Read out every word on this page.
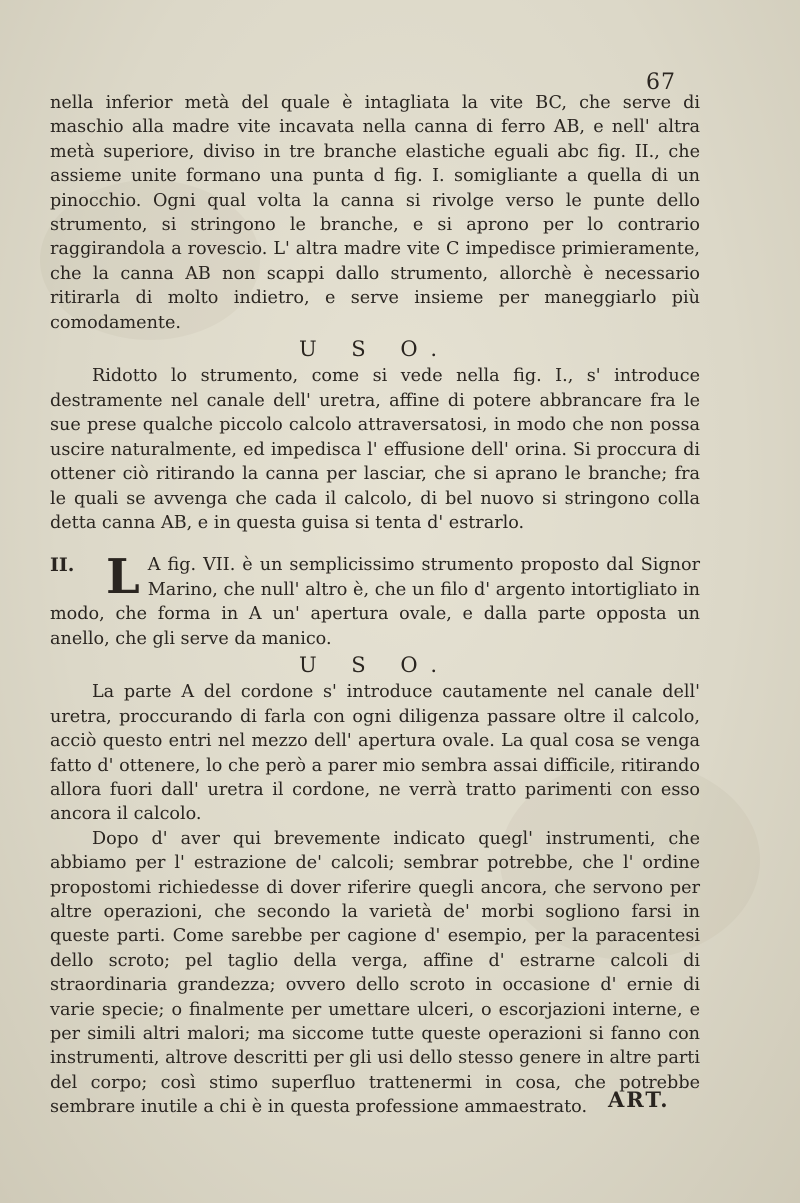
67

nella inferior metà del quale è intagliata la vite BC, che serve di maschio alla madre vite incavata nella canna di ferro AB, e nell' altra metà superiore, diviso in tre branche elastiche eguali abc fig. II., che assieme unite formano una punta d fig. I. somigliante a quella di un pinocchio. Ogni qual volta la canna si rivolge verso le punte dello strumento, si stringono le branche, e si aprono per lo contrario raggirandola a rovescio. L' altra madre vite C impedisce primieramente, che la canna AB non scappi dallo strumento, allorchè è necessario ritirarla di molto indietro, e serve insieme per maneggiarlo più comodamente.

U S O.

Ridotto lo strumento, come si vede nella fig. I., s' introduce destramente nel canale dell' uretra, affine di potere abbrancare fra le sue prese qualche piccolo calcolo attraversatosi, in modo che non possa uscire naturalmente, ed impedisca l' effusione dell' orina. Si proccura di ottener ciò ritirando la canna per lasciar, che si aprano le branche; fra le quali se avvenga che cada il calcolo, di bel nuovo si stringono colla detta canna AB, e in questa guisa si tenta d' estrarlo.

II. L A fig. VII. è un semplicissimo strumento proposto dal Signor Marino, che null' altro è, che un filo d' argento intortigliato in modo, che forma in A un' apertura ovale, e dalla parte opposta un anello, che gli serve da manico.

U S O.

La parte A del cordone s' introduce cautamente nel canale dell' uretra, proccurando di farla con ogni diligenza passare oltre il calcolo, acciò questo entri nel mezzo dell' apertura ovale. La qual cosa se venga fatto d' ottenere, lo che però a parer mio sembra assai difficile, ritirando allora fuori dall' uretra il cordone, ne verrà tratto parimenti con esso ancora il calcolo.

Dopo d' aver qui brevemente indicato quegl' instrumenti, che abbiamo per l' estrazione de' calcoli; sembrar potrebbe, che l' ordine propostomi richiedesse di dover riferire quegli ancora, che servono per altre operazioni, che secondo la varietà de' morbi sogliono farsi in queste parti. Come sarebbe per cagione d' esempio, per la paracentesi dello scroto; pel taglio della verga, affine d' estrarne calcoli di straordinaria grandezza; ovvero dello scroto in occasione d' ernie di varie specie; o finalmente per umettare ulceri, o escorjazioni interne, e per simili altri malori; ma siccome tutte queste operazioni si fanno con instrumenti, altrove descritti per gli usi dello stesso genere in altre parti del corpo; così stimo superfluo trattenermi in cosa, che potrebbe sembrare inutile a chi è in questa professione ammaestrato. ART.
